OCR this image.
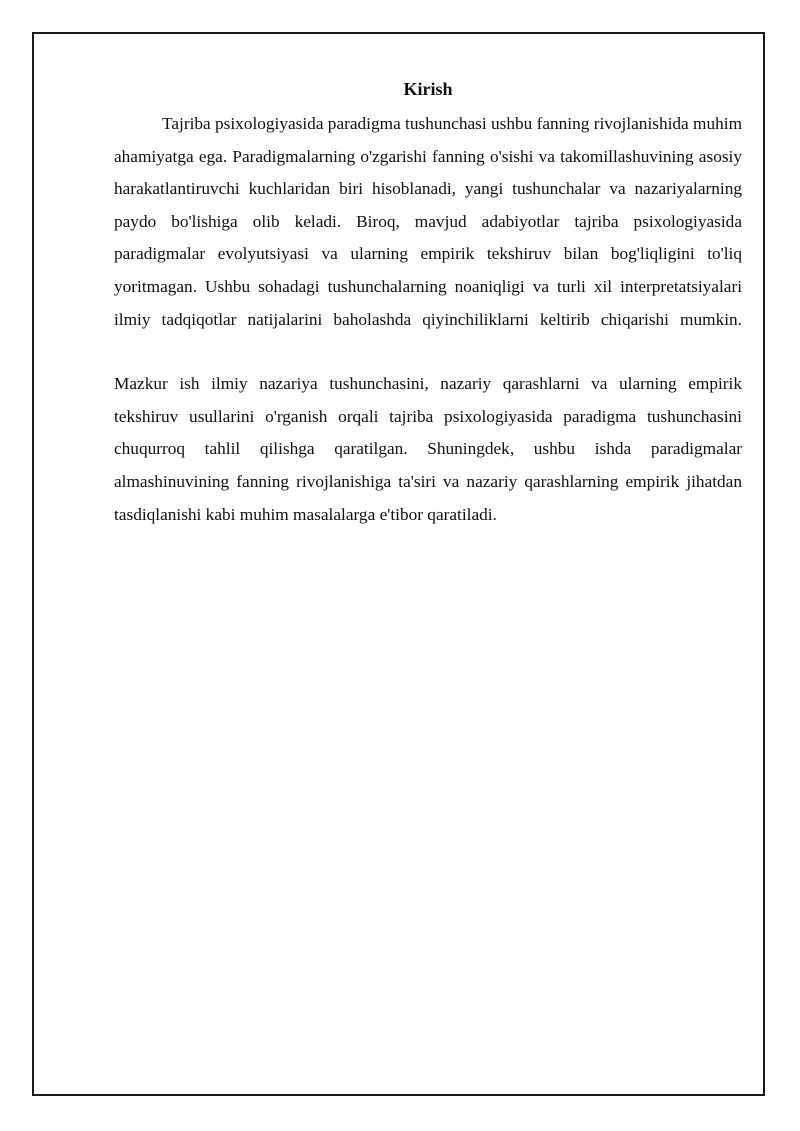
Kirish

Tajriba psixologiyasida paradigma tushunchasi ushbu fanning rivojlanishida muhim ahamiyatga ega. Paradigmalarning o'zgarishi fanning o'sishi va takomillashuvining asosiy harakatlantiruvchi kuchlaridan biri hisoblanadi, yangi tushunchalar va nazariyalarning paydo bo'lishiga olib keladi. Biroq, mavjud adabiyotlar tajriba psixologiyasida paradigmalar evolyutsiyasi va ularning empirik tekshiruv bilan bog'liqligini to'liq yoritmagan. Ushbu sohadagi tushunchalarning noaniqligi va turli xil interpretatsiyalari ilmiy tadqiqotlar natijalarini baholashda qiyinchiliklarni keltirib chiqarishi mumkin.

Mazkur ish ilmiy nazariya tushunchasini, nazariy qarashlarni va ularning empirik tekshiruv usullarini o'rganish orqali tajriba psixologiyasida paradigma tushunchasini chuqurroq tahlil qilishga qaratilgan. Shuningdek, ushbu ishda paradigmalar almashinuvining fanning rivojlanishiga ta'siri va nazariy qarashlarning empirik jihatdan tasdiqlanishi kabi muhim masalalarga e'tibor qaratiladi.
